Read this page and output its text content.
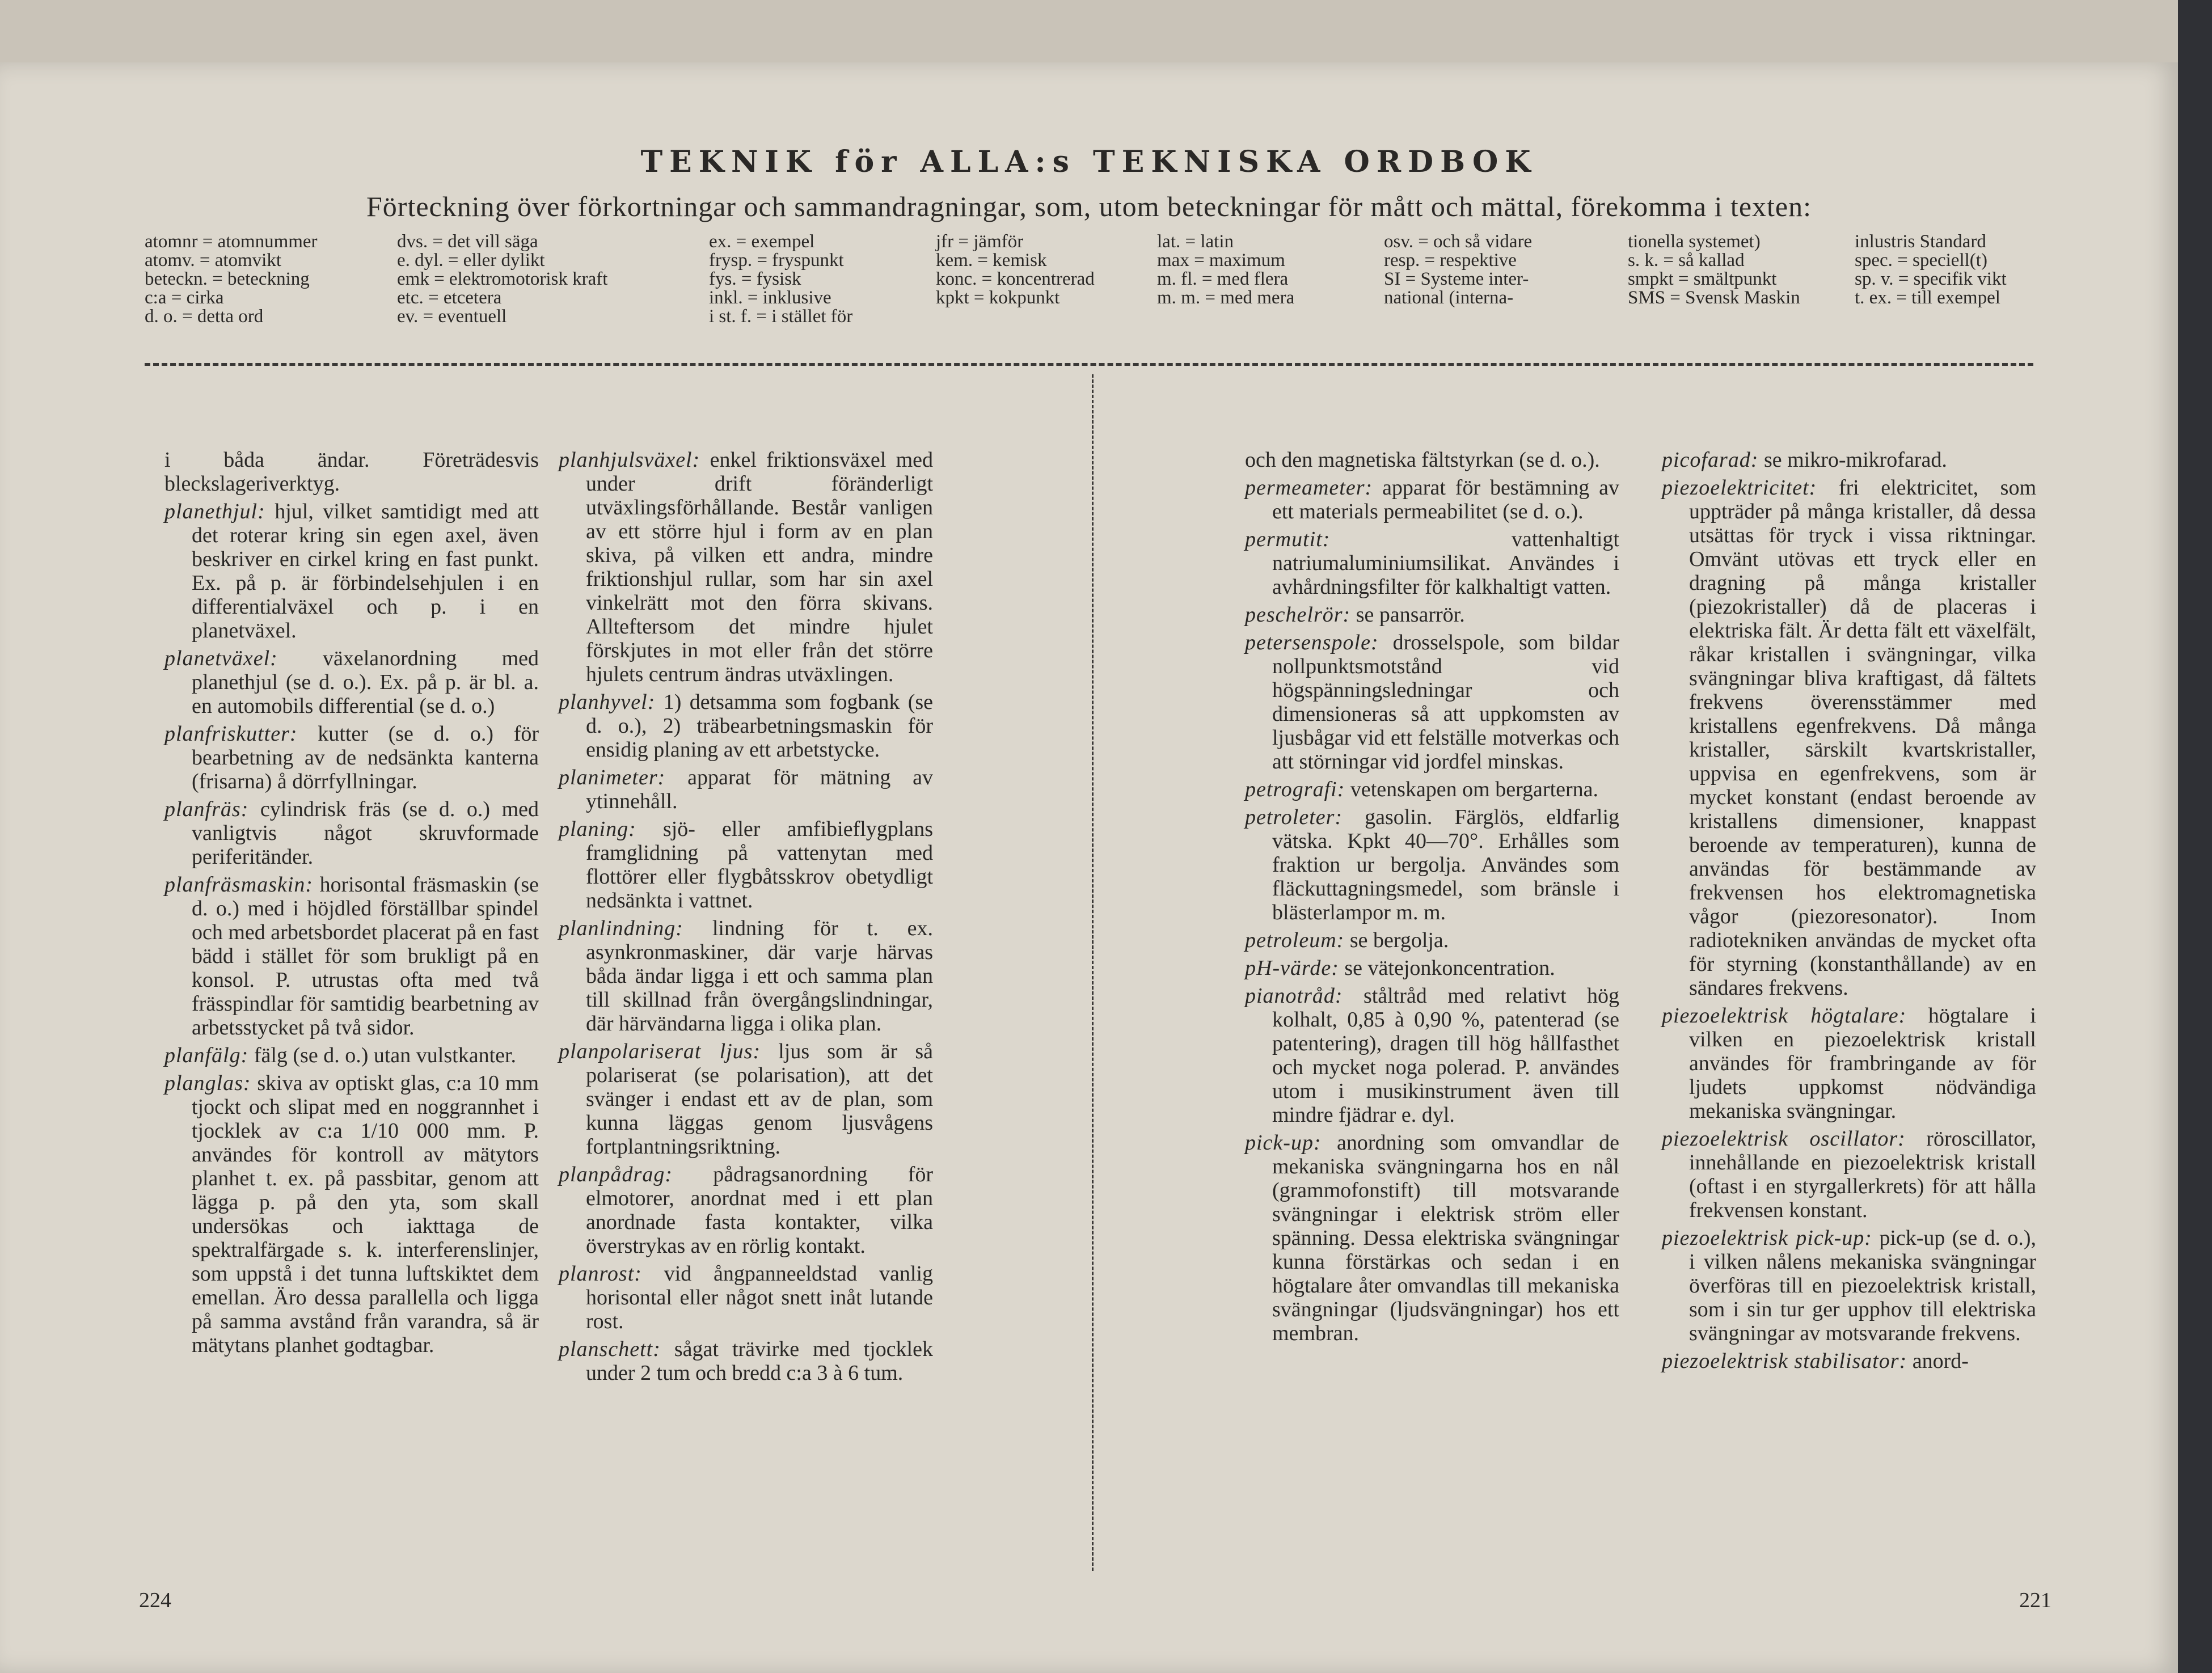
TEKNIK för ALLA:s TEKNISKA ORDBOK
Förteckning över förkortningar och sammandragningar, som, utom beteckningar för mått och mättal, förekomma i texten:
atomnr = atomnummer
atomv. = atomvikt
beteckn. = beteckning
c:a = cirka
d. o. = detta ord
dvs. = det vill säga
e. dyl. = eller dylikt
emk = elektromotorisk kraft
etc. = etcetera
ev. = eventuell
ex. = exempel
frysp. = fryspunkt
fys. = fysisk
inkl. = inklusive
i st. f. = i stället för
jfr = jämför
kem. = kemisk
konc. = koncentrerad
kpkt = kokpunkt
lat. = latin
max = maximum
m. fl. = med flera
m. m. = med mera
osv. = och så vidare
resp. = respektive
SI = Systeme inter-
national (interna-
tionella systemet)
s. k. = så kallad
smpkt = smältpunkt
SMS = Svensk Maskin
inlustris Standard
spec. = speciell(t)
sp. v. = specifik vikt
t. ex. = till exempel
i båda ändar. Företrädesvis bleckslageriverktyg.
planethjul: hjul, vilket samtidigt med att det roterar kring sin egen axel, även beskriver en cirkel kring en fast punkt. Ex. på p. är förbindelsehjulen i en differentialväxel och p. i en planetväxel.
planetväxel: växelanordning med planethjul (se d. o.). Ex. på p. är bl. a. en automobils differential (se d. o.)
planfriskutter: kutter (se d. o.) för bearbetning av de nedsänkta kanterna (frisarna) å dörrfyllningar.
planfräs: cylindrisk fräs (se d. o.) med vanligtvis något skruvformade periferitänder.
planfräsmaskin: horisontal fräsmaskin (se d. o.) med i höjdled förställbar spindel och med arbetsbordet placerat på en fast bädd i stället för som brukligt på en konsol. P. utrustas ofta med två frässpindlar för samtidig bearbetning av arbetsstycket på två sidor.
planfälg: fälg (se d. o.) utan vulstkanter.
planglas: skiva av optiskt glas, c:a 10 mm tjockt och slipat med en noggrannhet i tjocklek av c:a 1/10 000 mm. P. användes för kontroll av mätytors planhet t. ex. på passbitar, genom att lägga p. på den yta, som skall undersökas och iakttaga de spektralfärgade s. k. interferenslinjer, som uppstå i det tunna luftskiktet dem emellan. Äro dessa parallella och ligga på samma avstånd från varandra, så är mätytans planhet godtagbar.
planhjulsväxel: enkel friktionsväxel med under drift föränderligt utväxlingsförhållande. Består vanligen av ett större hjul i form av en plan skiva, på vilken ett andra, mindre friktionshjul rullar, som har sin axel vinkelrätt mot den förra skivans. Allteftersom det mindre hjulet förskjutes in mot eller från det större hjulets centrum ändras utväxlingen.
planhyvel: 1) detsamma som fogbank (se d. o.), 2) träbearbetningsmaskin för ensidig planing av ett arbetstycke.
planimeter: apparat för mätning av ytinnehåll.
planing: sjö- eller amfibieflygplans framglidning på vattenytan med flottörer eller flygbåtsskrov obetydligt nedsänkta i vattnet.
planlindning: lindning för t. ex. asynkronmaskiner, där varje härvas båda ändar ligga i ett och samma plan till skillnad från övergångslindningar, där härvändarna ligga i olika plan.
planpolariserat ljus: ljus som är så polariserat (se polarisation), att det svänger i endast ett av de plan, som kunna läggas genom ljusvågens fortplantningsriktning.
planpådrag: pådragsanordning för elmotorer, anordnat med i ett plan anordnade fasta kontakter, vilka överstrykas av en rörlig kontakt.
planrost: vid ångpanneeldstad vanlig horisontal eller något snett inåt lutande rost.
planschett: sågat trävirke med tjocklek under 2 tum och bredd c:a 3 à 6 tum.
och den magnetiska fältstyrkan (se d. o.).
permeameter: apparat för bestämning av ett materials permeabilitet (se d. o.).
permutit:	vattenhaltigt natriumaluminiumsilikat. Användes i avhårdningsfilter för kalkhaltigt vatten.
peschelrör: se pansarrör.
petersenspole: drosselspole, som bildar nollpunktsmotstånd vid högspänningsledningar och dimensioneras så att uppkomsten av ljusbågar vid ett felställe motverkas och att störningar vid jordfel minskas.
petrografi: vetenskapen om bergarterna.
petroleter: gasolin. Färglös, eldfarlig vätska. Kpkt 40—70°. Erhålles som fraktion ur bergolja. Användes som fläckuttagningsmedel, som bränsle i blästerlampor m. m.
petroleum: se bergolja.
pH-värde: se vätejonkoncentration.
pianotråd: ståltråd med relativt hög kolhalt, 0,85 à 0,90 %, patenterad (se patentering), dragen till hög hållfasthet och mycket noga polerad. P. användes utom i musikinstrument även till mindre fjädrar e. dyl.
pick-up: anordning som omvandlar de mekaniska svängningarna hos en nål (grammofonstift) till motsvarande svängningar i elektrisk ström eller spänning. Dessa elektriska svängningar kunna förstärkas och sedan i en högtalare åter omvandlas till mekaniska svängningar (ljudsvängningar) hos ett membran.
picofarad: se mikro-mikrofarad.
piezoelektricitet: fri elektricitet, som uppträder på många kristaller, då dessa utsättas för tryck i vissa riktningar. Omvänt utövas ett tryck eller en dragning på många kristaller (piezokristaller) då de placeras i elektriska fält. Är detta fält ett växelfält, råkar kristallen i svängningar, vilka svängningar bliva kraftigast, då fältets frekvens överensstämmer med kristallens egenfrekvens. Då många kristaller, särskilt kvartskristaller, uppvisa en egenfrekvens, som är mycket konstant (endast beroende av kristallens dimensioner, knappast beroende av temperaturen), kunna de användas för bestämmande av frekvensen hos elektromagnetiska vågor (piezoresonator). Inom radiotekniken användas de mycket ofta för styrning (konstanthållande) av en sändares frekvens.
piezoelektrisk högtalare: högtalare i vilken en piezoelektrisk kristall användes för frambringande av för ljudets uppkomst nödvändiga mekaniska svängningar.
piezoelektrisk oscillator: röroscillator, innehållande en piezoelektrisk kristall (oftast i en styrgallerkrets) för att hålla frekvensen konstant.
piezoelektrisk pick-up: pick-up (se d. o.), i vilken nålens mekaniska svängningar överföras till en piezoelektrisk kristall, som i sin tur ger upphov till elektriska svängningar av motsvarande frekvens.
piezoelektrisk stabilisator: anord-
224	221
